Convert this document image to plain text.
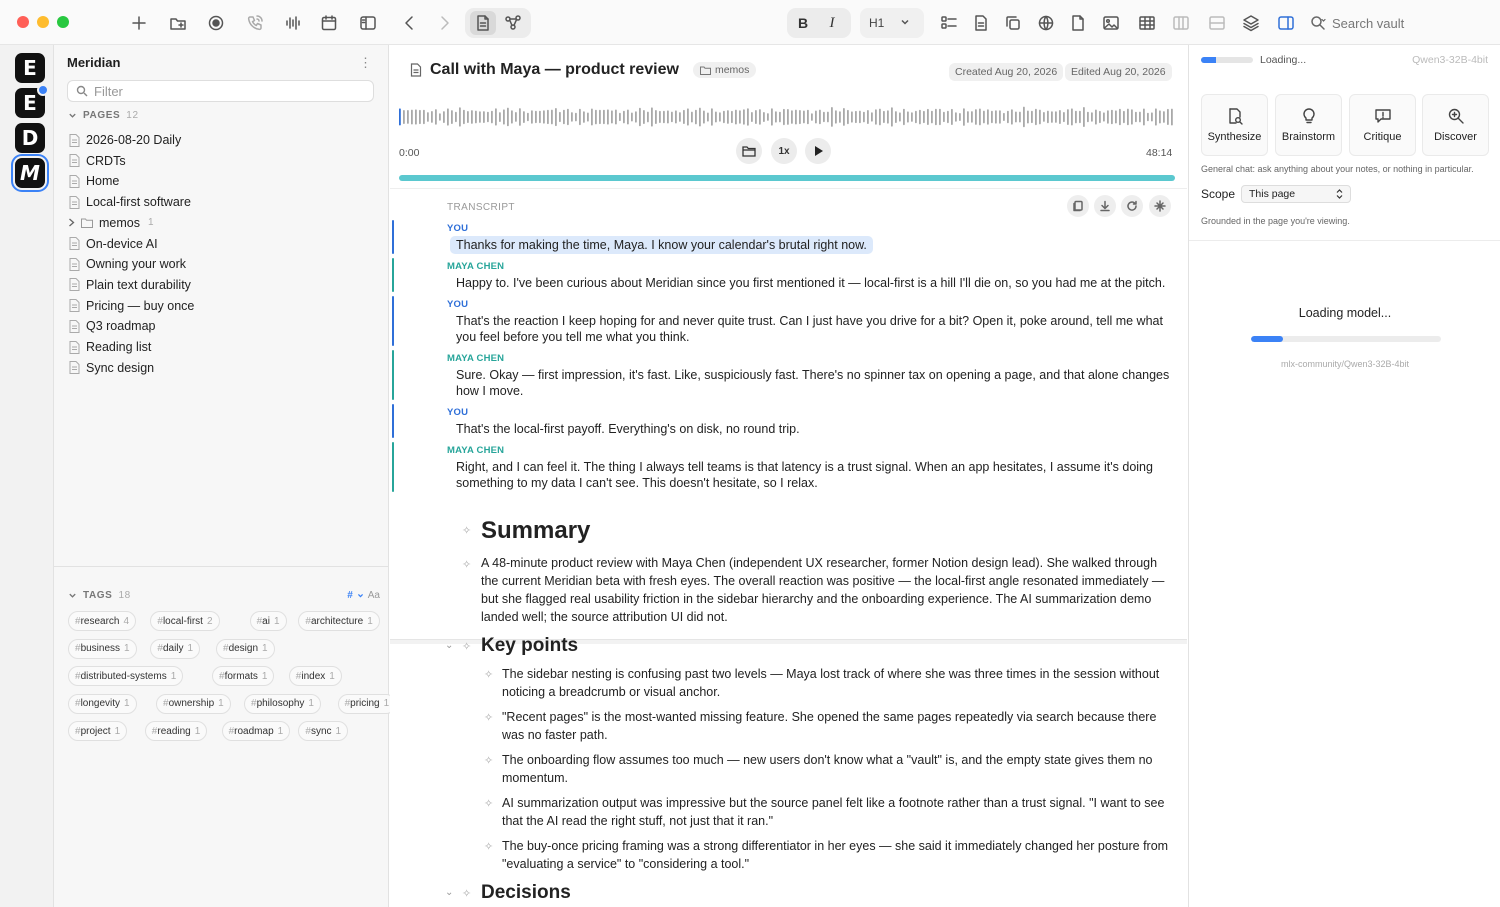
B	I	H1	Search vault
E
E
D
M
Meridian	⋮
Filter
PAGES 12
2026-08-20 Daily
CRDTs
Home
Local-first software
memos 1
On-device AI
Owning your work
Plain text durability
Pricing — buy once
Q3 roadmap
Reading list
Sync design
TAGS 18	# Aa
# research 4	# local-first 2	# ai 1	# architecture 1
# business 1	# daily 1	# design 1
# distributed-systems 1	# formats 1	# index 1
# longevity 1	# ownership 1	# philosophy 1	# pricing 1
# project 1	# reading 1	# roadmap 1 # sync 1
Call with Maya — product review	memos	Created Aug 20, 2026	Edited Aug 20, 2026
0:00	1x	48:14
TRANSCRIPT
YOU
Thanks for making the time, Maya. I know your calendar's brutal right now.
MAYA CHEN
Happy to. I've been curious about Meridian since you first mentioned it — local-first is a hill I'll die on, so you had me at the pitch.
YOU
That's the reaction I keep hoping for and never quite trust. Can I just have you drive for a bit? Open it, poke around, tell me what you feel before you tell me what you think.
MAYA CHEN
Sure. Okay — first impression, it's fast. Like, suspiciously fast. There's no spinner tax on opening a page, and that alone changes how I move.
YOU
That's the local-first payoff. Everything's on disk, no round trip.
MAYA CHEN
Right, and I can feel it. The thing I always tell teams is that latency is a trust signal. When an app hesitates, I assume it's doing something to my data I can't see. This doesn't hesitate, so I relax.
✧ Summary
✧ A 48-minute product review with Maya Chen (independent UX researcher, former Notion design lead). She walked through the current Meridian beta with fresh eyes. The overall reaction was positive — the local-first angle resonated immediately — but she flagged real usability friction in the sidebar hierarchy and the onboarding experience. The AI summarization demo landed well; the source attribution UI did not.
⌄ ✧ Key points
✧ The sidebar nesting is confusing past two levels — Maya lost track of where she was three times in the session without noticing a breadcrumb or visual anchor.
✧ "Recent pages" is the most-wanted missing feature. She opened the same pages repeatedly via search because there was no faster path.
✧ The onboarding flow assumes too much — new users don't know what a "vault" is, and the empty state gives them no momentum.
✧ AI summarization output was impressive but the source panel felt like a footnote rather than a trust signal. "I want to see that the AI read the right stuff, not just that it ran."
✧ The buy-once pricing framing was a strong differentiator in her eyes — she said it immediately changed her posture from "evaluating a service" to "considering a tool."
⌄ ✧ Decisions
Loading...	Qwen3-32B-4bit
Synthesize Brainstorm	Critique	Discover
General chat: ask anything about your notes, or nothing in particular.
Scope This page
Grounded in the page you're viewing.
Loading model...
mlx-community/Qwen3-32B-4bit
